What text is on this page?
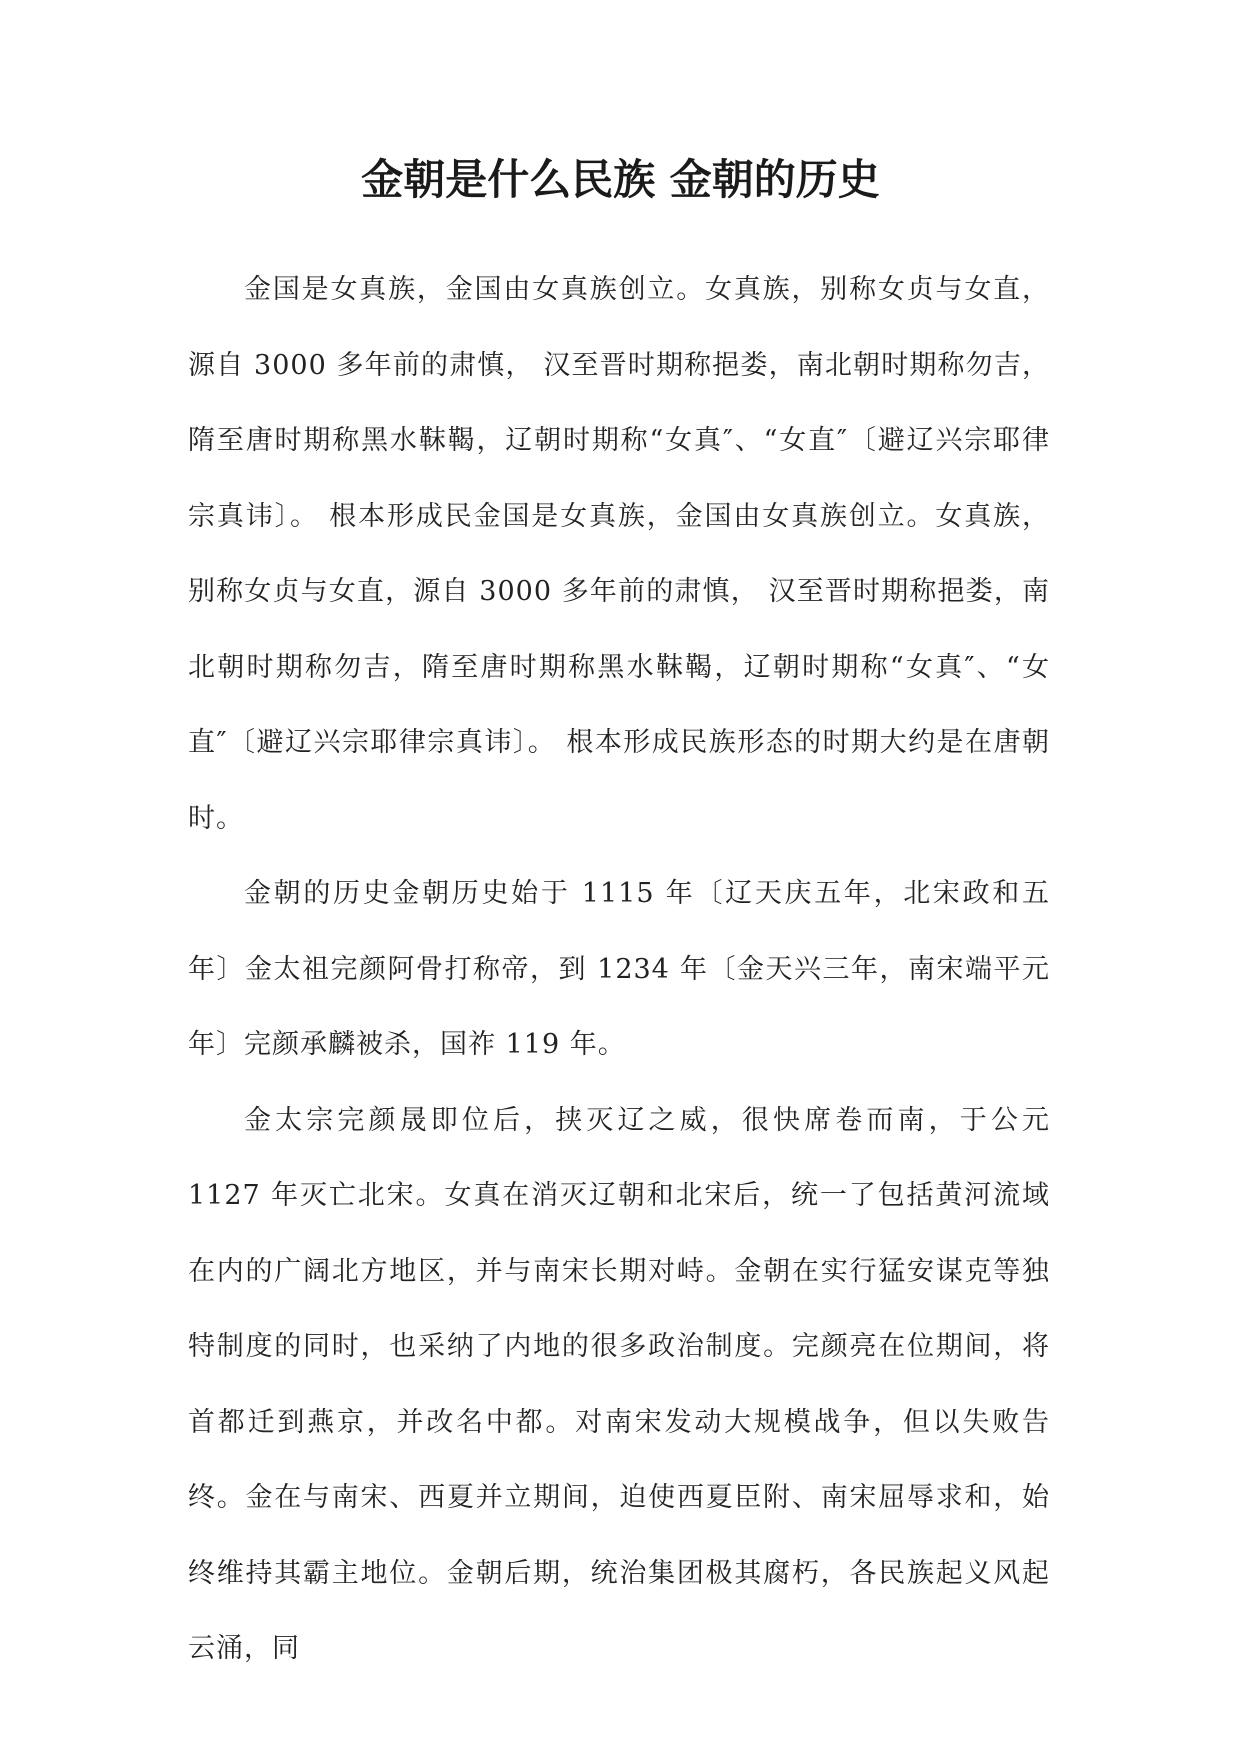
金朝是什么民族 金朝的历史

金国是女真族，金国由女真族创立。女真族，别称女贞与女直，源自 3000 多年前的肃慎， 汉至晋时期称挹娄，南北朝时期称勿吉，隋至唐时期称黑水靺鞨，辽朝时期称“女真″、“女直″〔避辽兴宗耶律宗真讳〕。 根本形成民金国是女真族，金国由女真族创立。女真族，别称女贞与女直，源自 3000 多年前的肃慎， 汉至晋时期称挹娄，南北朝时期称勿吉，隋至唐时期称黑水靺鞨，辽朝时期称“女真″、“女直″〔避辽兴宗耶律宗真讳〕。 根本形成民族形态的时期大约是在唐朝时。

金朝的历史金朝历史始于 1115 年〔辽天庆五年，北宋政和五年〕金太祖完颜阿骨打称帝，到 1234 年〔金天兴三年，南宋端平元年〕完颜承麟被杀，国祚 119 年。

金太宗完颜晟即位后，挟灭辽之威，很快席卷而南，于公元 1127 年灭亡北宋。女真在消灭辽朝和北宋后，统一了包括黄河流域在内的广阔北方地区，并与南宋长期对峙。金朝在实行猛安谋克等独特制度的同时，也采纳了内地的很多政治制度。完颜亮在位期间，将首都迁到燕京，并改名中都。对南宋发动大规模战争，但以失败告终。金在与南宋、西夏并立期间，迫使西夏臣附、南宋屈辱求和，始终维持其霸主地位。金朝后期，统治集团极其腐朽，各民族起义风起云涌，同
